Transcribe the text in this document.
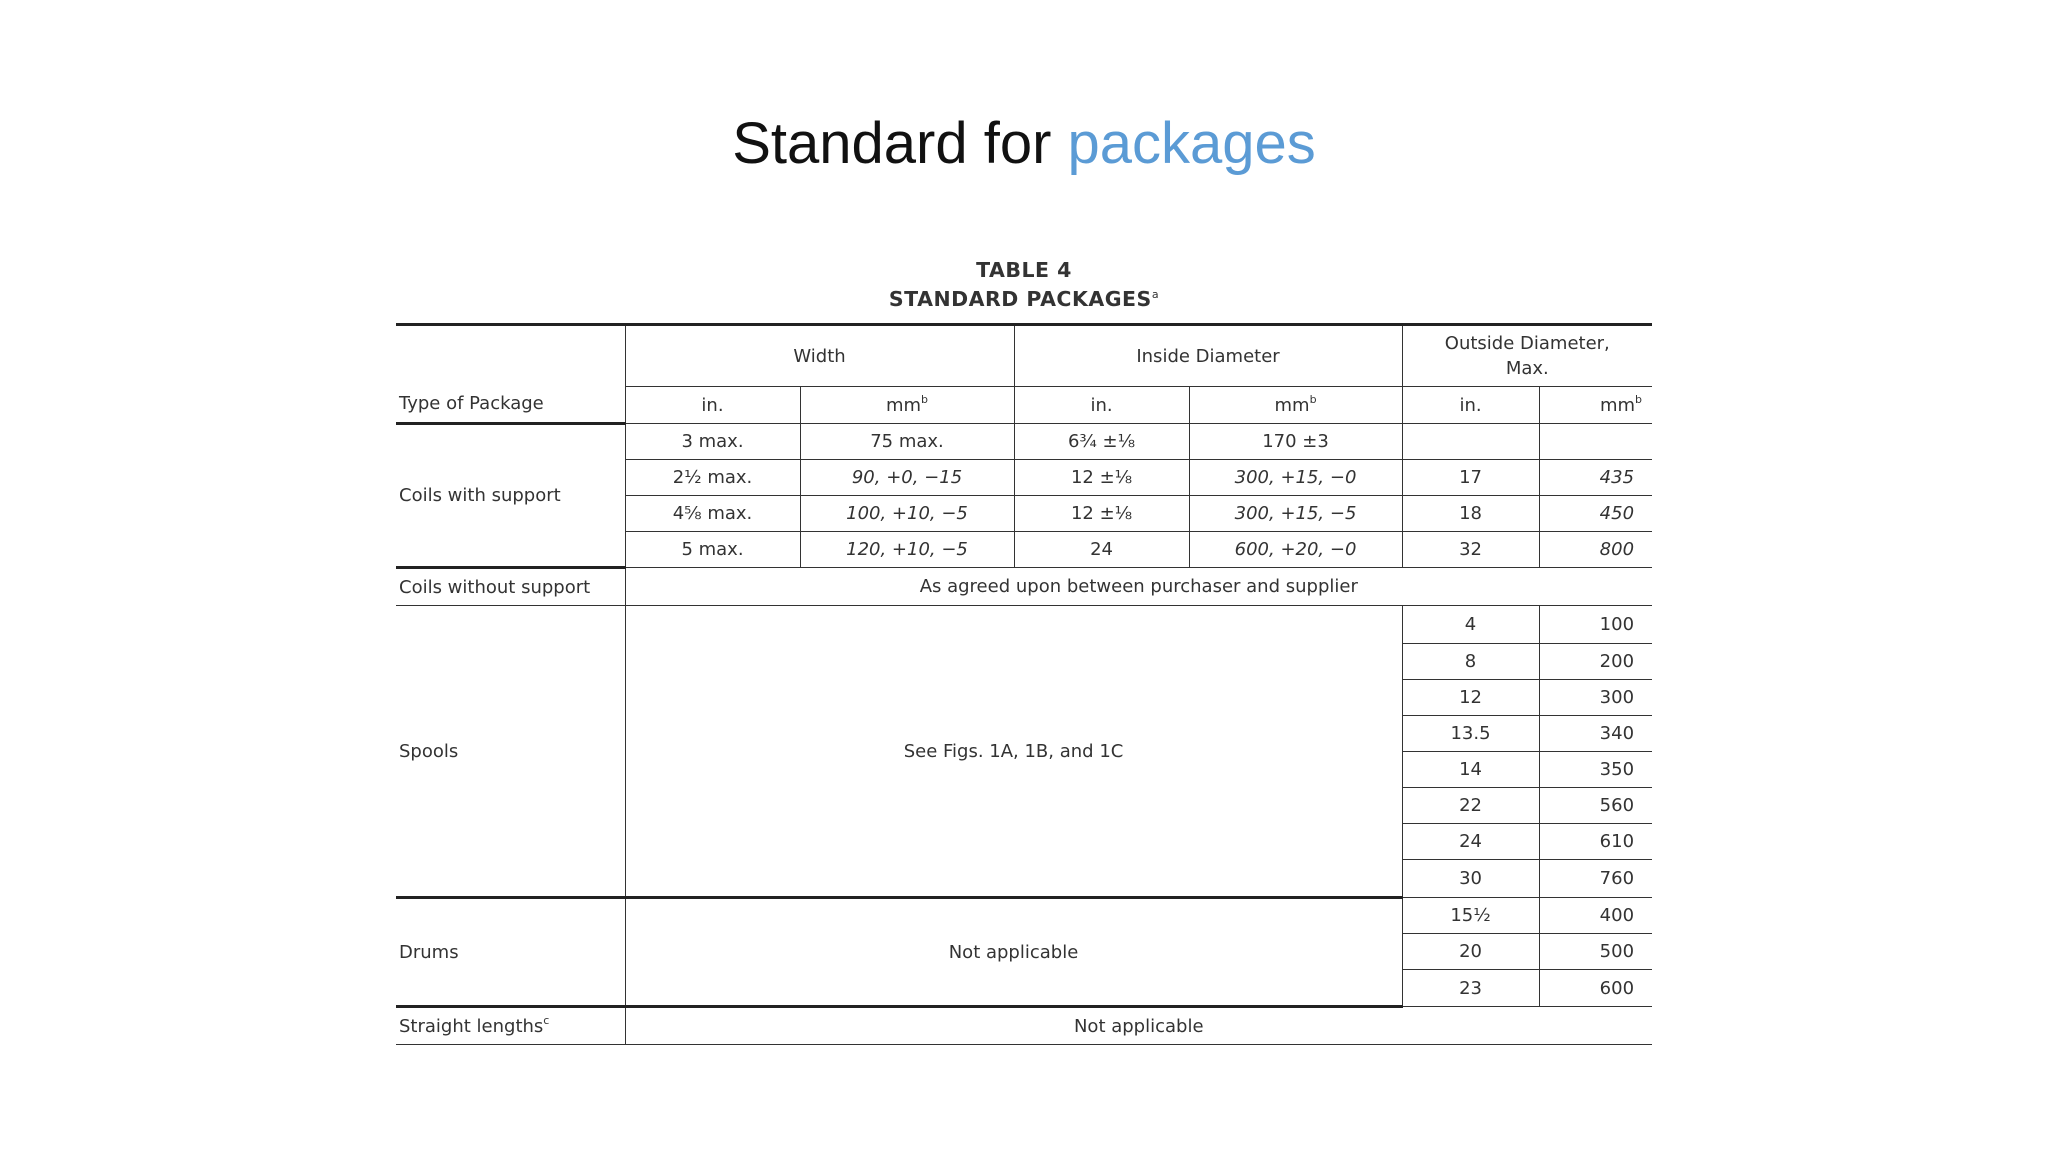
Standard for packages
TABLE 4
STANDARD PACKAGES$^a$
Type of Package	Width		Inside Diameter		Outside Diameter,
Max.	
	in.	$mm^b$	in.	$mm^b$	in.	$mm^b$
Coils with support	3 max.	75 max.	6¾ ±⅛	170 ±3		
	2½ max.	90, +0, −15	12 ±⅛	300, +15, −0	17	435
	4⅝ max.	100, +10, −5	12 ±⅛	300, +15, −5	18	450
	5 max.	120, +10, −5	24	600, +20, −0	32	800
Coils without support	As agreed upon between purchaser and supplier					
Spools	See Figs. 1A, 1B, and 1C				4	100
					8	200
					12	300
					13.5	340
					14	350
					22	560
					24	610
					30	760
Drums	Not applicable				15½	400
					20	500
					23	600
Straight lengths$^c$	Not applicable					
